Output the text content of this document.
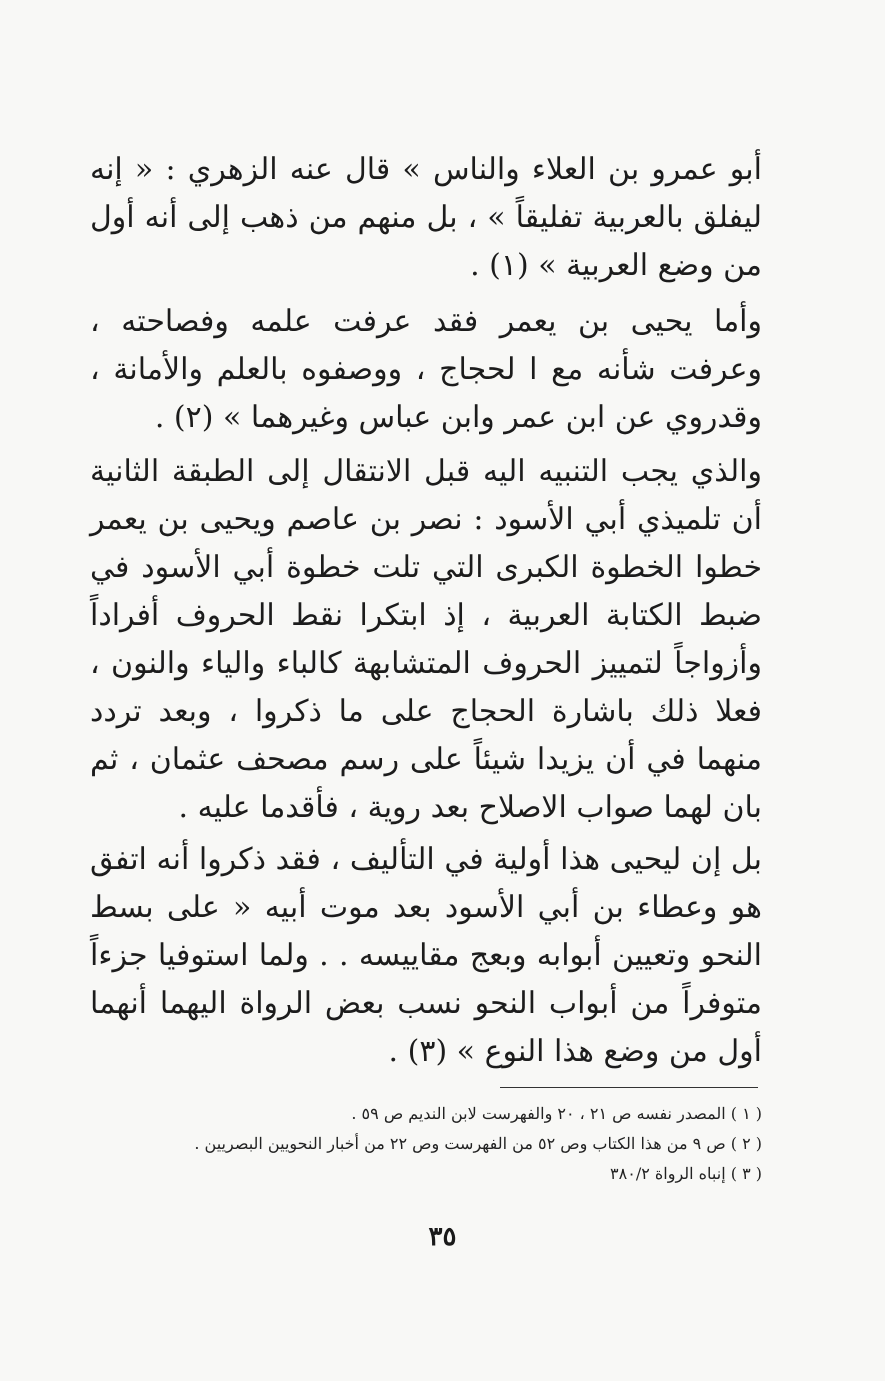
أبو عمرو بن العلاء والناس » قال عنه الزهري : « إنه ليفلق بالعربية تفليقاً » ، بل منهم من ذهب إلى أنه أول من وضع العربية » (١) .

وأما يحيى بن يعمر فقد عرفت علمه وفصاحته ، وعرفت شأنه مع ا لحجاج ، ووصفوه بالعلم والأمانة ، وقدروي عن ابن عمر وابن عباس وغيرهما » (٢) .

والذي يجب التنبيه اليه قبل الانتقال إلى الطبقة الثانية أن تلميذي أبي الأسود : نصر بن عاصم ويحيى بن يعمر خطوا الخطوة الكبرى التي تلت خطوة أبي الأسود في ضبط الكتابة العربية ، إذ ابتكرا نقط الحروف أفراداً وأزواجاً لتمييز الحروف المتشابهة كالباء والياء والنون ، فعلا ذلك باشارة الحجاج على ما ذكروا ، وبعد تردد منهما في أن يزيدا شيئاً على رسم مصحف عثمان ، ثم بان لهما صواب الاصلاح بعد روية ، فأقدما عليه .

بل إن ليحيى هذا أولية في التأليف ، فقد ذكروا أنه اتفق هو وعطاء بن أبي الأسود بعد موت أبيه « على بسط النحو وتعيين أبوابه وبعج مقاييسه . . ولما استوفيا جزءاً متوفراً من أبواب النحو نسب بعض الرواة اليهما أنهما أول من وضع هذا النوع » (٣) .

( ١ ) المصدر نفسه ص ٢١ ، ٢٠ والفهرست لابن النديم ص ٥٩ .

( ٢ ) ص ٩ من هذا الكتاب وص ٥٢ من الفهرست وص ٢٢ من أخبار النحويين البصريين .

( ٣ ) إنباه الرواة ٣٨٠/٢

٣٥
